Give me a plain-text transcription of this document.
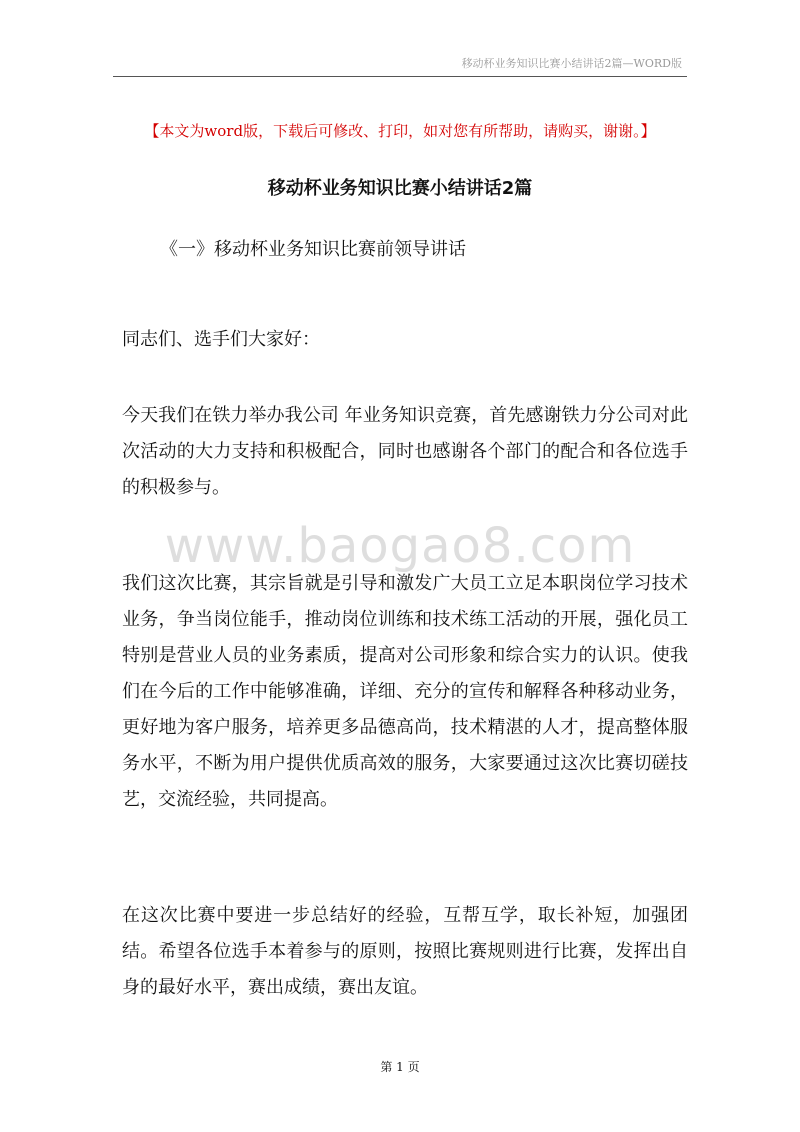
移动杯业务知识比赛小结讲话2篇—WORD版
【本文为word版，下载后可修改、打印，如对您有所帮助，请购买，谢谢。】
移动杯业务知识比赛小结讲话2篇

《一》移动杯业务知识比赛前领导讲话

同志们、选手们大家好：

今天我们在铁力举办我公司 年业务知识竞赛，首先感谢铁力分公司对此次活动的大力支持和积极配合，同时也感谢各个部门的配合和各位选手的积极参与。

我们这次比赛，其宗旨就是引导和激发广大员工立足本职岗位学习技术业务，争当岗位能手，推动岗位训练和技术练工活动的开展，强化员工特别是营业人员的业务素质，提高对公司形象和综合实力的认识。使我们在今后的工作中能够准确，详细、充分的宣传和解释各种移动业务，更好地为客户服务，培养更多品德高尚，技术精湛的人才，提高整体服务水平，不断为用户提供优质高效的服务，大家要通过这次比赛切磋技艺，交流经验，共同提高。

在这次比赛中要进一步总结好的经验，互帮互学，取长补短，加强团结。希望各位选手本着参与的原则，按照比赛规则进行比赛，发挥出自身的最好水平，赛出成绩，赛出友谊。

www.baogao8.com
第 1 页
